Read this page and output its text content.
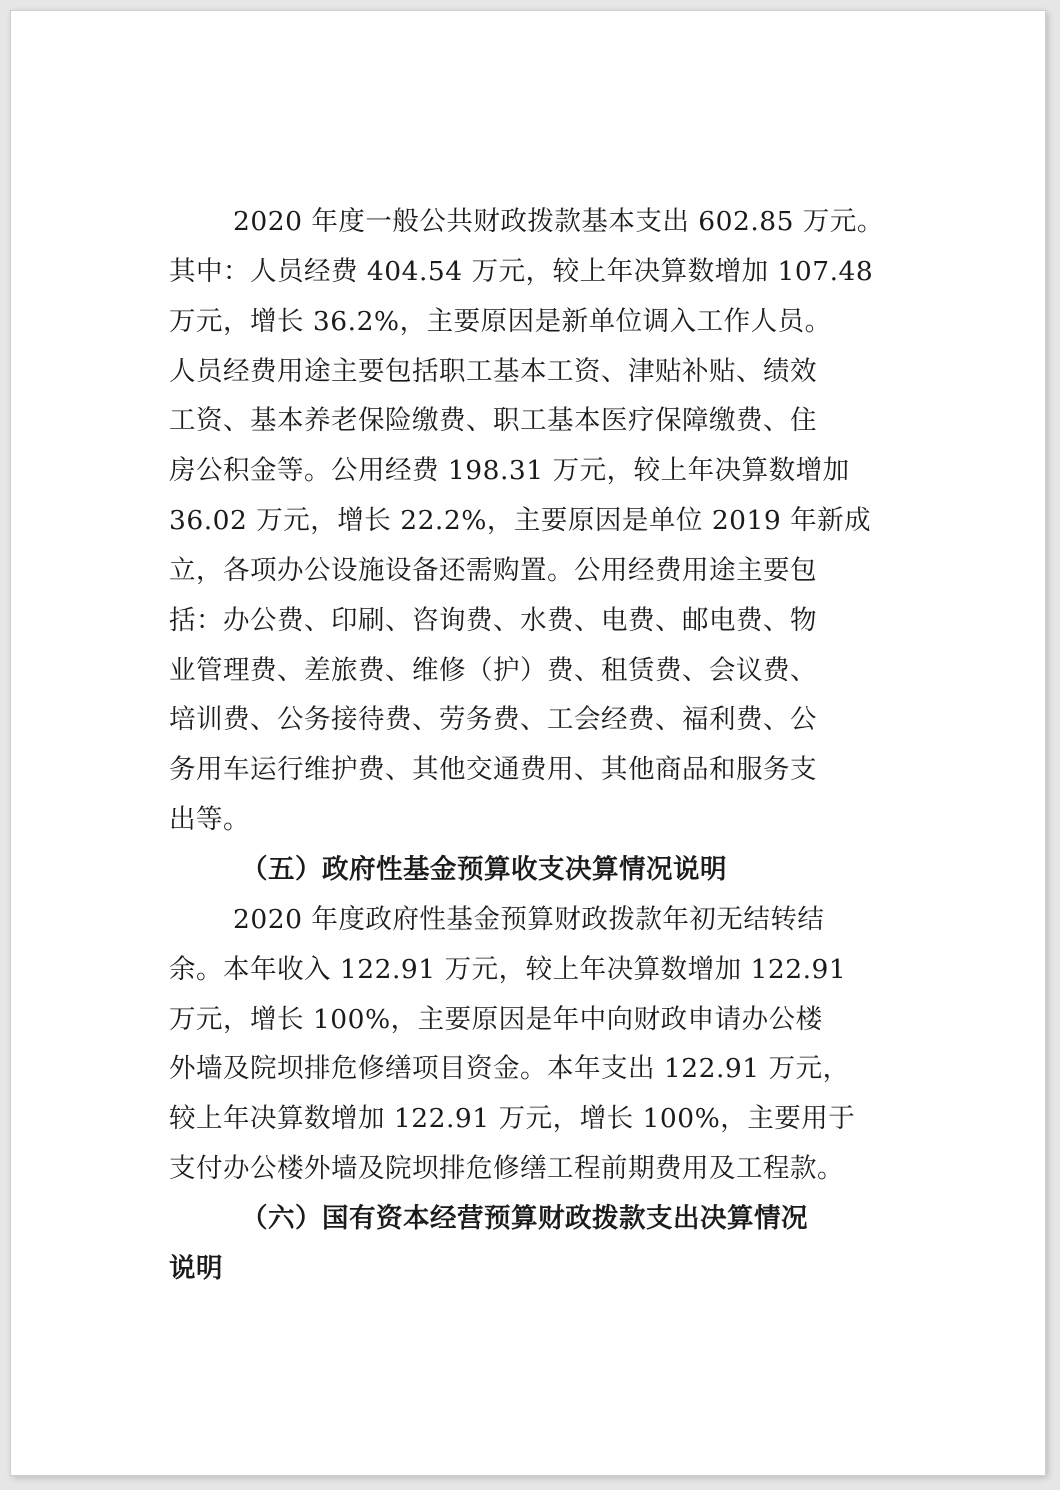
2020 年度一般公共财政拨款基本支出 602.85 万元。
其中：人员经费 404.54 万元，较上年决算数增加 107.48
万元，增长 36.2%，主要原因是新单位调入工作人员。
人员经费用途主要包括职工基本工资、津贴补贴、绩效
工资、基本养老保险缴费、职工基本医疗保障缴费、住
房公积金等。公用经费 198.31 万元，较上年决算数增加
36.02 万元，增长 22.2%，主要原因是单位 2019 年新成
立，各项办公设施设备还需购置。公用经费用途主要包
括：办公费、印刷、咨询费、水费、电费、邮电费、物
业管理费、差旅费、维修（护）费、租赁费、会议费、
培训费、公务接待费、劳务费、工会经费、福利费、公
务用车运行维护费、其他交通费用、其他商品和服务支
出等。
（五）政府性基金预算收支决算情况说明
2020 年度政府性基金预算财政拨款年初无结转结
余。本年收入 122.91 万元，较上年决算数增加 122.91
万元，增长 100%，主要原因是年中向财政申请办公楼
外墙及院坝排危修缮项目资金。本年支出 122.91 万元，
较上年决算数增加 122.91 万元，增长 100%，主要用于
支付办公楼外墙及院坝排危修缮工程前期费用及工程款。
（六）国有资本经营预算财政拨款支出决算情况
说明
